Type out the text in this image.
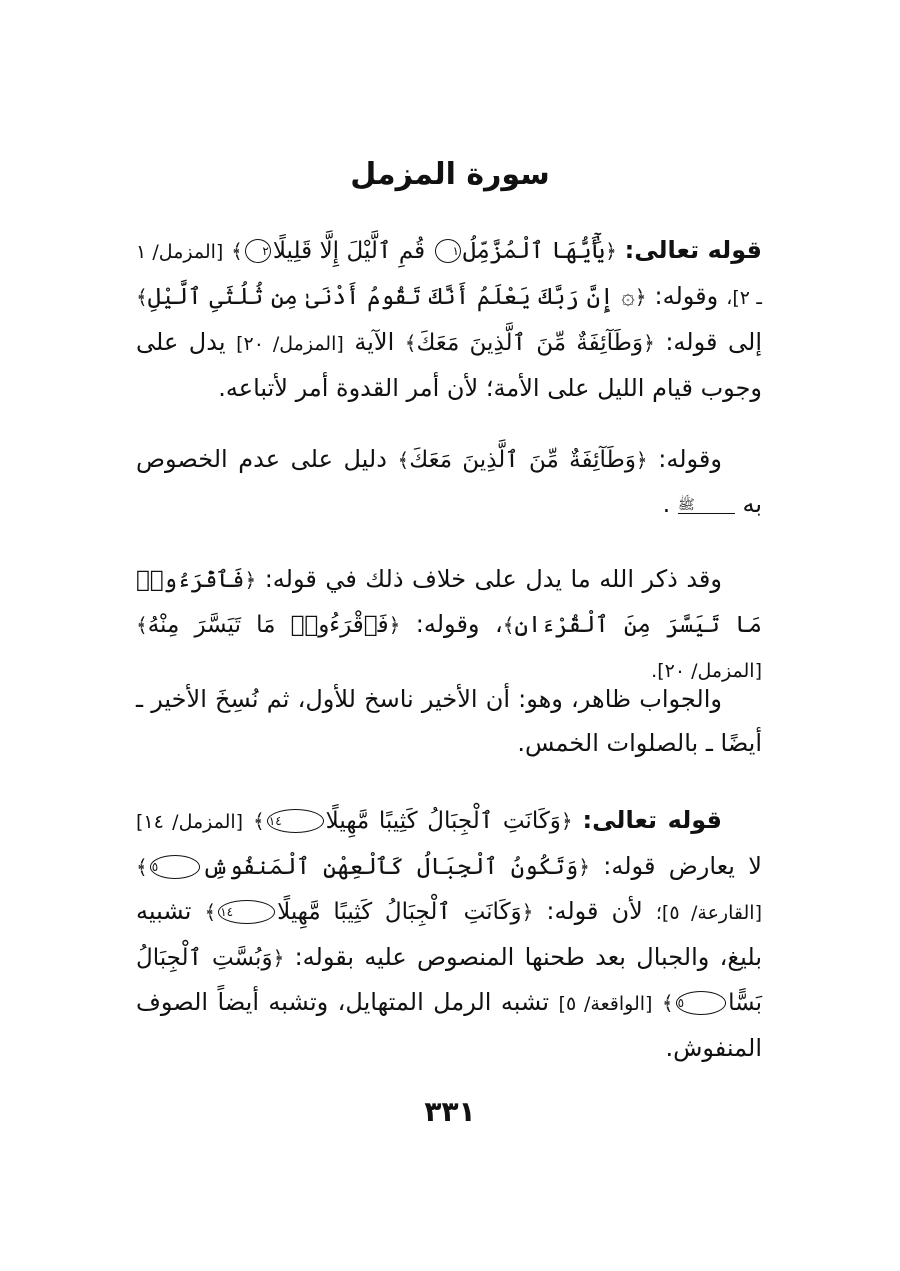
سورة المزمل

قوله تعالى: ﴿يَٰٓأَيُّهَا ٱلْمُزَّمِّلُ١ قُمِ ٱلَّيْلَ إِلَّا قَلِيلًا٢﴾ [المزمل/ ١ ـ ٢]، وقوله: ﴿۞ إِنَّ رَبَّكَ يَعْلَمُ أَنَّكَ تَقُومُ أَدْنَىٰ مِن ثُلُثَىِ ٱلَّيْلِ﴾ إلى قوله: ﴿وَطَآئِفَةٌ مِّنَ ٱلَّذِينَ مَعَكَ﴾ الآية [المزمل/ ٢٠] يدل على وجوب قيام الليل على الأمة؛ لأن أمر القدوة أمر لأتباعه.

وقوله: ﴿وَطَآئِفَةٌ مِّنَ ٱلَّذِينَ مَعَكَ﴾ دليل على عدم الخصوص به ﷺ .

وقد ذكر الله ما يدل على خلاف ذلك في قوله: ﴿فَٱقْرَءُوا۟ مَا تَيَسَّرَ مِنَ ٱلْقُرْءَانِ﴾، وقوله: ﴿فَٱقْرَءُوا۟ مَا تَيَسَّرَ مِنْهُ﴾ [المزمل/ ٢٠].

والجواب ظاهر، وهو: أن الأخير ناسخ للأول، ثم نُسِخَ الأخير ـ أيضًا ـ بالصلوات الخمس.

قوله تعالى: ﴿وَكَانَتِ ٱلْجِبَالُ كَثِيبًا مَّهِيلًا١٤﴾ [المزمل/ ١٤] لا يعارض قوله: ﴿وَتَكُونُ ٱلْجِبَالُ كَٱلْعِهْنِ ٱلْمَنفُوشِ٥﴾ [القارعة/ ٥]؛ لأن قوله: ﴿وَكَانَتِ ٱلْجِبَالُ كَثِيبًا مَّهِيلًا١٤﴾ تشبيه بليغ، والجبال بعد طحنها المنصوص عليه بقوله: ﴿وَبُسَّتِ ٱلْجِبَالُ بَسًّا٥﴾ [الواقعة/ ٥] تشبه الرمل المتهايل، وتشبه أيضاً الصوف المنفوش.

٣٣١
